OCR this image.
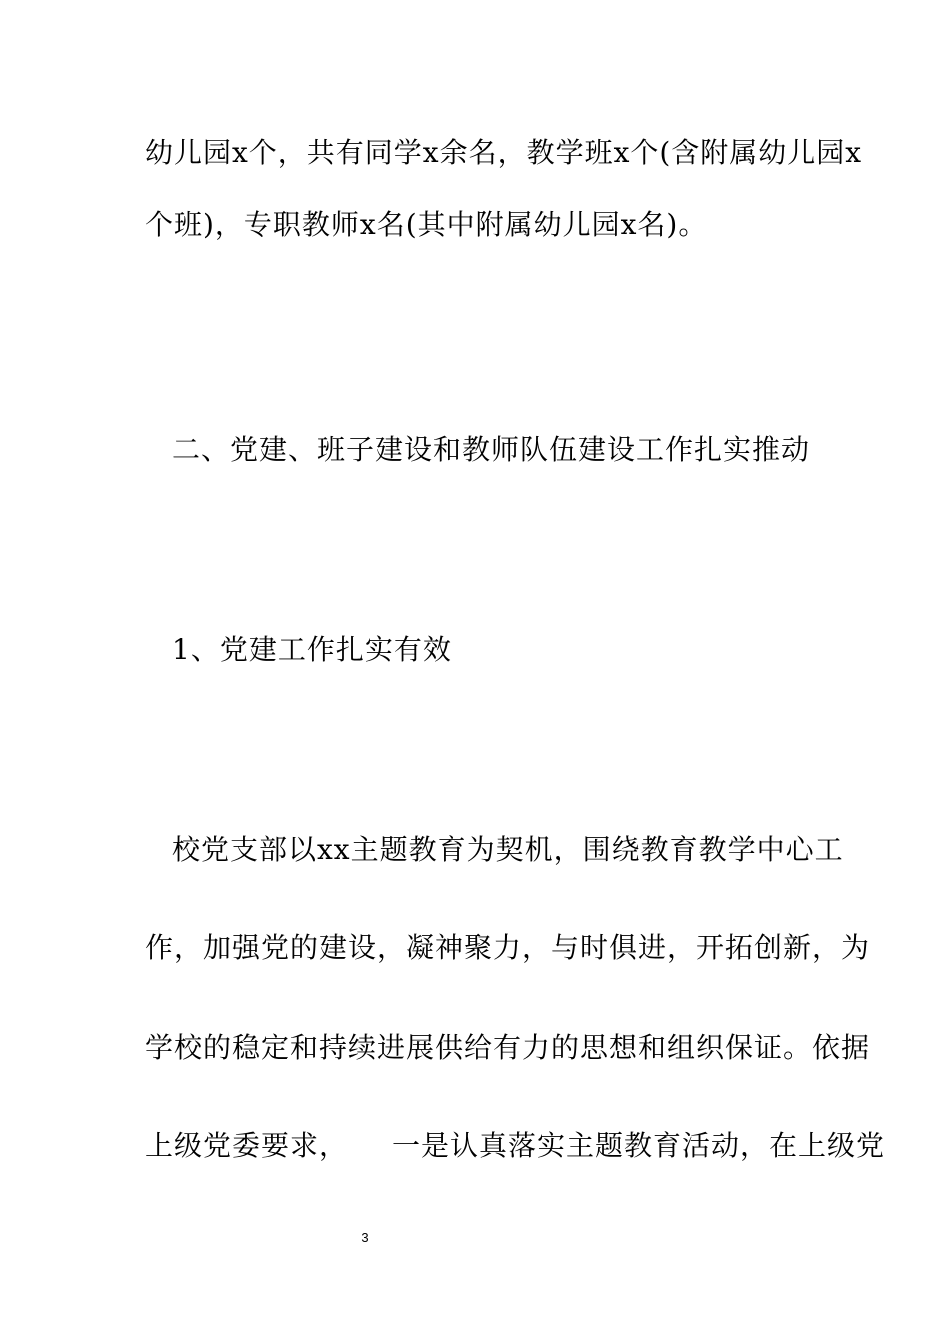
幼儿园x个，共有同学x余名，教学班x个(含附属幼儿园x
个班)，专职教师x名(其中附属幼儿园x名)。
二、党建、班子建设和教师队伍建设工作扎实推动
1、党建工作扎实有效
校党支部以xx主题教育为契机，围绕教育教学中心工
作，加强党的建设，凝神聚力，与时俱进，开拓创新，为
学校的稳定和持续进展供给有力的思想和组织保证。依据
上级党委要求，　　一是认真落实主题教育活动，在上级党
3
